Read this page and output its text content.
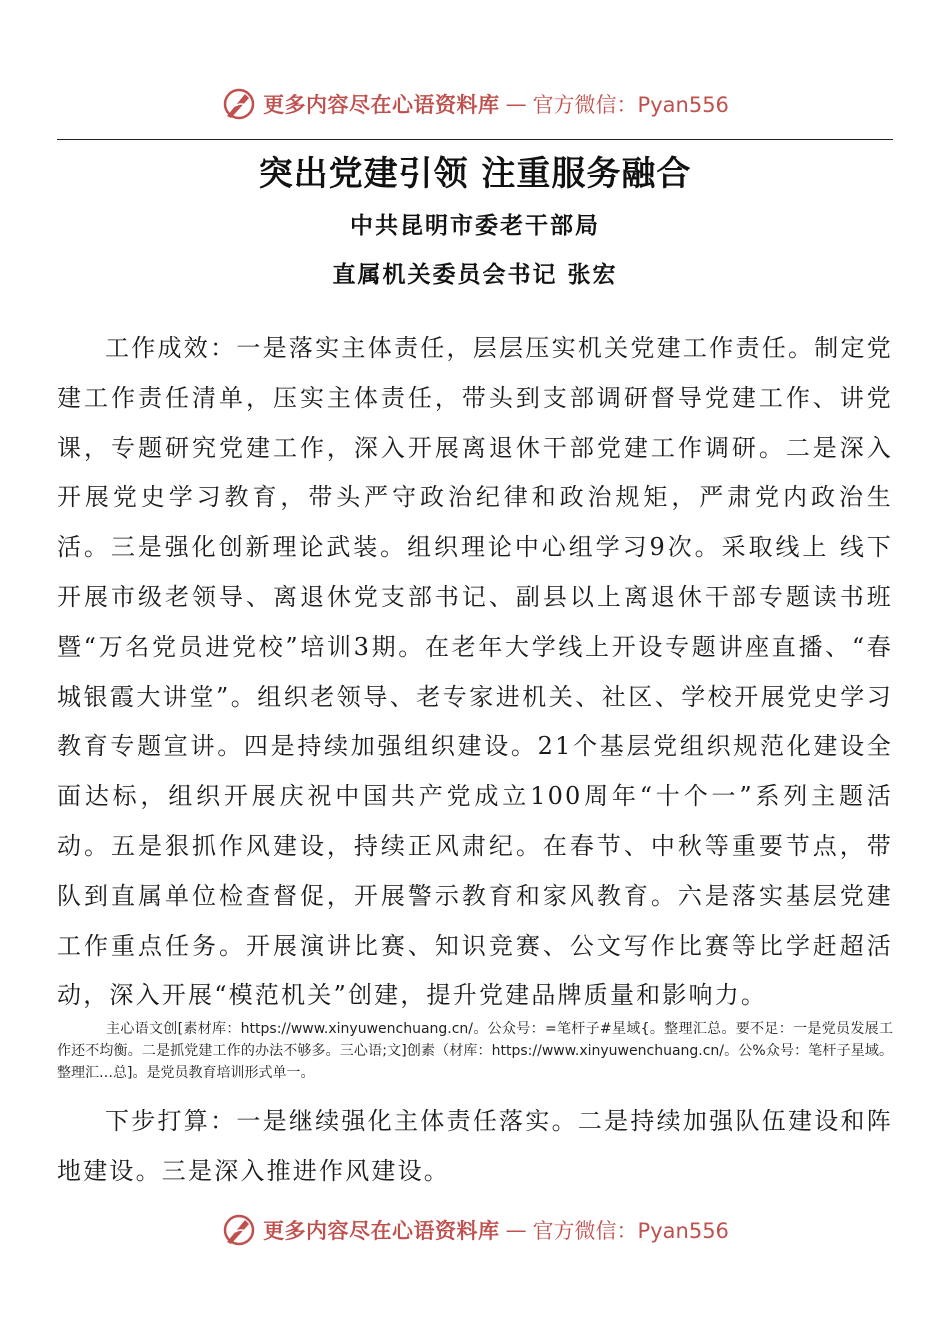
更多内容尽在心语资料库 — 官方微信：Pyan556
突出党建引领 注重服务融合
中共昆明市委老干部局
直属机关委员会书记 张宏

工作成效：一是落实主体责任，层层压实机关党建工作责任。制定党建工作责任清单，压实主体责任，带头到支部调研督导党建工作、讲党课，专题研究党建工作，深入开展离退休干部党建工作调研。二是深入开展党史学习教育，带头严守政治纪律和政治规矩，严肃党内政治生活。三是强化创新理论武装。组织理论中心组学习9次。采取线上 线下开展市级老领导、离退休党支部书记、副县以上离退休干部专题读书班暨“万名党员进党校”培训3期。在老年大学线上开设专题讲座直播、“春城银霞大讲堂”。组织老领导、老专家进机关、社区、学校开展党史学习教育专题宣讲。四是持续加强组织建设。21个基层党组织规范化建设全面达标，组织开展庆祝中国共产党成立100周年“十个一”系列主题活动。五是狠抓作风建设，持续正风肃纪。在春节、中秋等重要节点，带队到直属单位检查督促，开展警示教育和家风教育。六是落实基层党建工作重点任务。开展演讲比赛、知识竞赛、公文写作比赛等比学赶超活动，深入开展“模范机关”创建，提升党建品牌质量和影响力。

主心语文创[素材库：https://www.xinyuwenchuang.cn/。公众号：=笔杆子#星域{。整理汇总。要不足：一是党员发展工作还不均衡。二是抓党建工作的办法不够多。三心语;文]创素（材库：https://www.xinyuwenchuang.cn/。公%众号：笔杆子星域。整理汇…总]。是党员教育培训形式单一。

下步打算：一是继续强化主体责任落实。二是持续加强队伍建设和阵地建设。三是深入推进作风建设。

更多内容尽在心语资料库 — 官方微信：Pyan556
